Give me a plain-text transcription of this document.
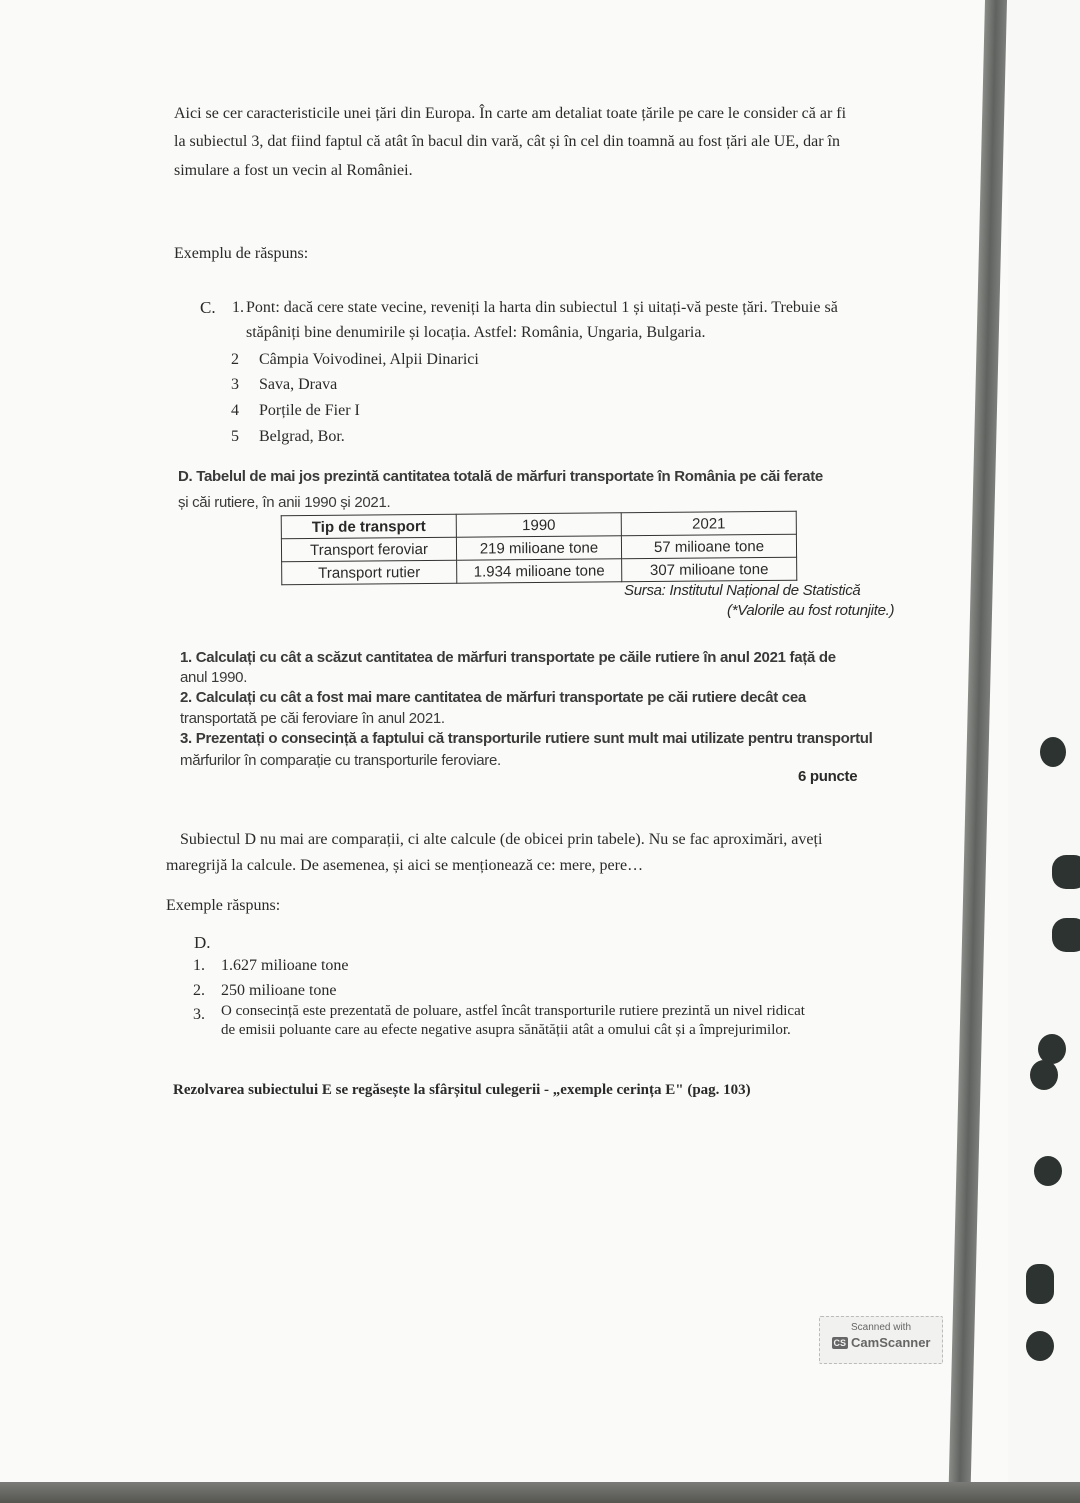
Aici se cer caracteristicile unei țări din Europa. În carte am detaliat toate țările pe care le consider că ar fi
la subiectul 3, dat fiind faptul că atât în bacul din vară, cât și în cel din toamnă au fost țări ale UE, dar în
simulare a fost un vecin al României.
Exemplu de răspuns:
C. 1. Pont: dacă cere state vecine, reveniți la harta din subiectul 1 și uitați-vă peste țări. Trebuie să
stăpâniți bine denumirile și locația. Astfel: România, Ungaria, Bulgaria.
2 Câmpia Voivodinei, Alpii Dinarici
3 Sava, Drava
4 Porțile de Fier I
5 Belgrad, Bor.
D. Tabelul de mai jos prezintă cantitatea totală de mărfuri transportate în România pe căi ferate
și căi rutiere, în anii 1990 și 2021.
Tip de transport	1990	2021
Transport feroviar	219 milioane tone	57 milioane tone
Transport rutier	1.934 milioane tone	307 milioane tone
Sursa: Institutul Național de Statistică
(*Valorile au fost rotunjite.)
1. Calculați cu cât a scăzut cantitatea de mărfuri transportate pe căile rutiere în anul 2021 față de
anul 1990.
2. Calculați cu cât a fost mai mare cantitatea de mărfuri transportate pe căi rutiere decât cea
transportată pe căi feroviare în anul 2021.
3. Prezentați o consecință a faptului că transporturile rutiere sunt mult mai utilizate pentru transportul
mărfurilor în comparație cu transporturile feroviare.
6 puncte
Subiectul D nu mai are comparații, ci alte calcule (de obicei prin tabele). Nu se fac aproximări, aveți
maregrijă la calcule. De asemenea, și aici se menționează ce: mere, pere…
Exemple răspuns:
D.
1. 1.627 milioane tone
2. 250 milioane tone
3. O consecință este prezentată de poluare, astfel încât transporturile rutiere prezintă un nivel ridicat
de emisii poluante care au efecte negative asupra sănătății atât a omului cât și a împrejurimilor.
Rezolvarea subiectului E se regăsește la sfârșitul culegerii - „exemple cerința E" (pag. 103)
Scanned with
CS CamScanner
